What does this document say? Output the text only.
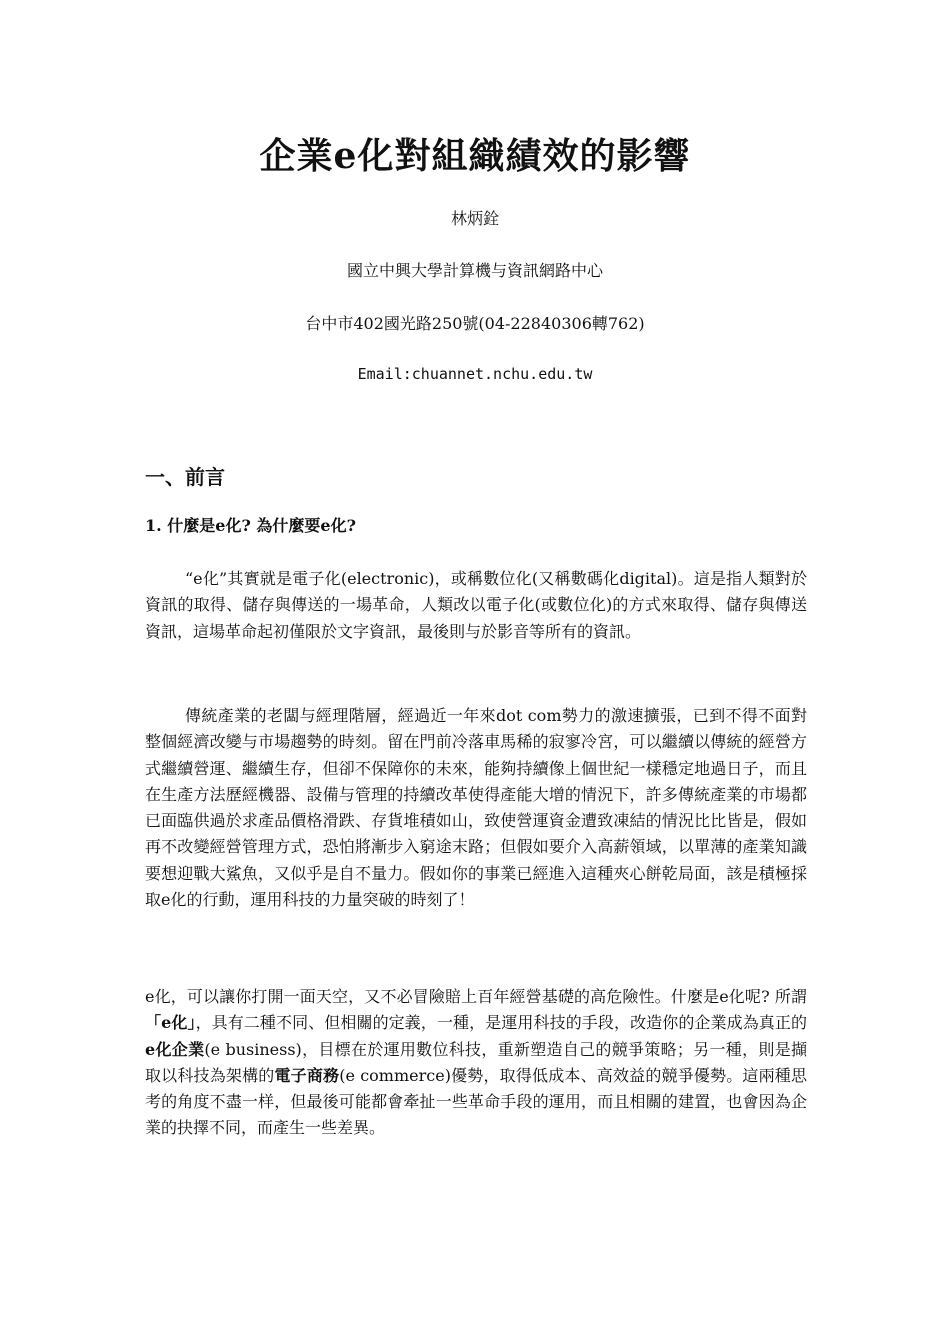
企業e化對組織績效的影響

林炳銓

國立中興大學計算機与資訊網路中心

台中市402國光路250號(04-22840306轉762)

Email:chuannet.nchu.edu.tw

一、前言
1. 什麼是e化? 為什麼要e化?

“e化”其實就是電子化(electronic)，或稱數位化(又稱數碼化digital)。這是指人類對於資訊的取得、儲存與傳送的一場革命，人類改以電子化(或數位化)的方式來取得、儲存與傳送資訊，這場革命起初僅限於文字資訊，最後則与於影音等所有的資訊。

傳統產業的老闆与經理階層，經過近一年來dot com勢力的激速擴張，已到不得不面對整個經濟改變与市場趨勢的時刻。留在門前冷落車馬稀的寂寥冷宮，可以繼續以傳統的經營方式繼續營運、繼續生存，但卻不保障你的未來，能夠持續像上個世紀一樣穩定地過日子，而且在生產方法歷經機器、設備与管理的持續改革使得產能大增的情況下，許多傳統產業的市場都已面臨供過於求產品價格滑跌、存貨堆積如山，致使營運資金遭致凍結的情況比比皆是，假如再不改變經營管理方式，恐怕將漸步入窮途末路；但假如要介入高薪領域，以單薄的產業知識要想迎戰大鯊魚，又似乎是自不量力。假如你的事業已經進入這種夾心餅乾局面，該是積極採取e化的行動，運用科技的力量突破的時刻了！

e化，可以讓你打開一面天空，又不必冒險賠上百年經營基礎的高危險性。什麼是e化呢? 所謂「e化」，具有二種不同、但相關的定義，一種，是運用科技的手段，改造你的企業成為真正的e化企業(e business)，目標在於運用數位科技，重新塑造自己的競爭策略；另一種，則是擷取以科技為架構的電子商務(e commerce)優勢，取得低成本、高效益的競爭優勢。這兩種思考的角度不盡一样，但最後可能都會牽扯一些革命手段的運用，而且相關的建置，也會因為企業的抉擇不同，而產生一些差異。
